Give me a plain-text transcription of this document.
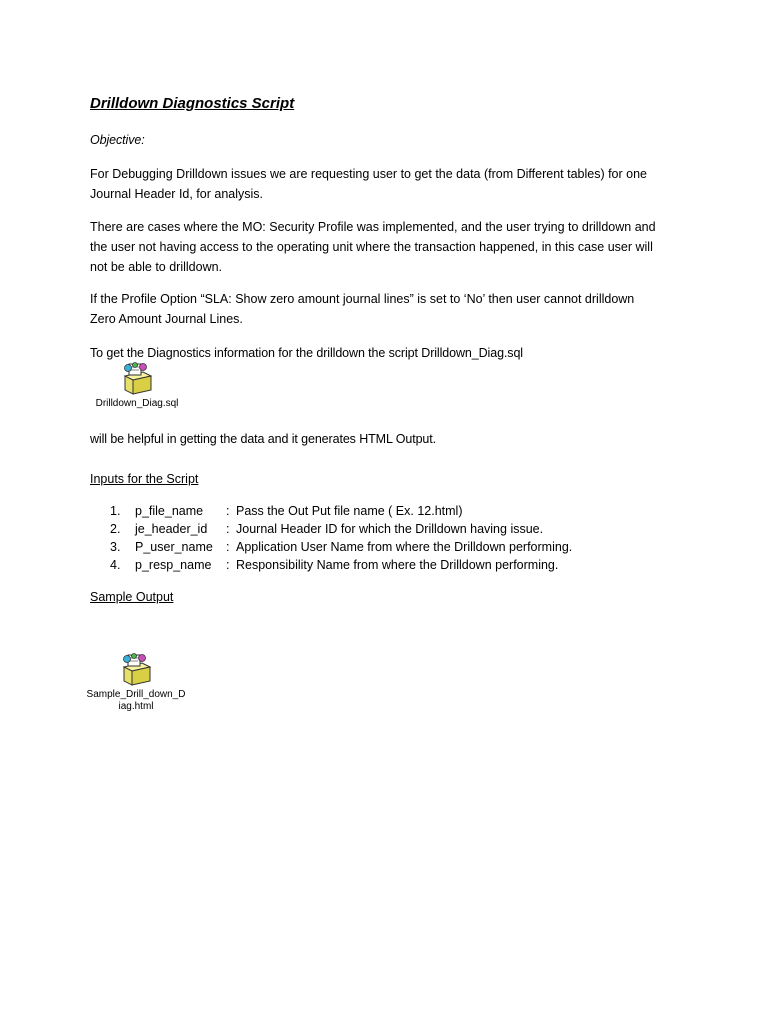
Drilldown Diagnostics Script
Objective:
For Debugging Drilldown issues we are requesting user to get the data (from Different tables) for one
Journal Header Id, for analysis.
There are cases where the MO: Security Profile was implemented, and the user trying to drilldown and
the user not having access to the operating unit where the transaction happened, in this case user will
not be able to drilldown.
If the Profile Option “SLA: Show zero amount journal lines” is set to ‘No’ then user cannot drilldown
Zero Amount Journal Lines.
To get the Diagnostics information for the drilldown the script Drilldown_Diag.sql
Drilldown_Diag.sql
will be helpful in getting the data and it generates HTML Output.
Inputs for the Script
1.	p_file_name	: Pass the Out Put file name ( Ex. 12.html)
2.	je_header_id	: Journal Header ID for which the Drilldown having issue.
3.	P_user_name	: Application User Name from where the Drilldown performing.
4.	p_resp_name	: Responsibility Name from where the Drilldown performing.
Sample Output
Sample_Drill_down_Diag.html
